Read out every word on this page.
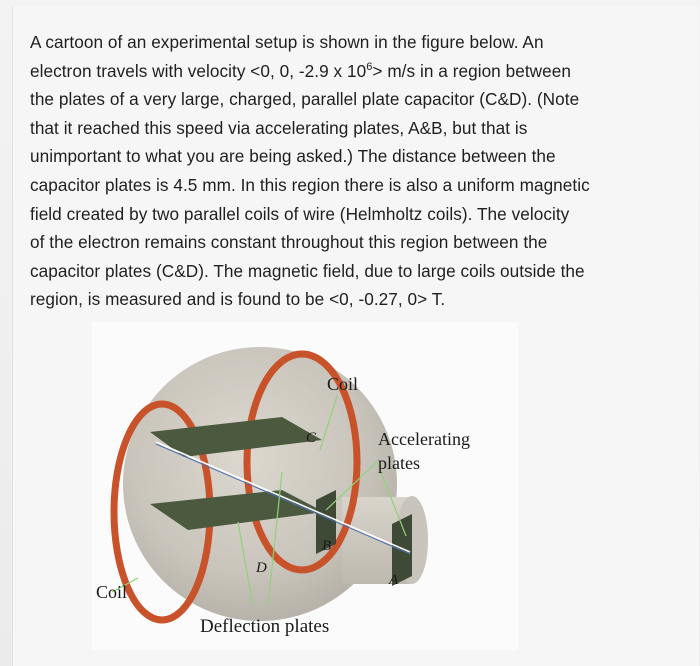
A cartoon of an experimental setup is shown in the figure below. An
electron travels with velocity <0, 0, -2.9 x $10^6> m/s$ in a region between
the plates of a very large, charged, parallel plate capacitor (C&D). (Note
that it reached this speed via accelerating plates, A&B, but that is
unimportant to what you are being asked.) The distance between the
capacitor plates is 4.5 mm. In this region there is also a uniform magnetic
field created by two parallel coils of wire (Helmholtz coils). The velocity
of the electron remains constant throughout this region between the
capacitor plates (C&D). The magnetic field, due to large coils outside the
region, is measured and is found to be <0, -0.27, 0> T.
Coil
Accelerating
plates
Coil
Deflection plates
C
D
B
A
